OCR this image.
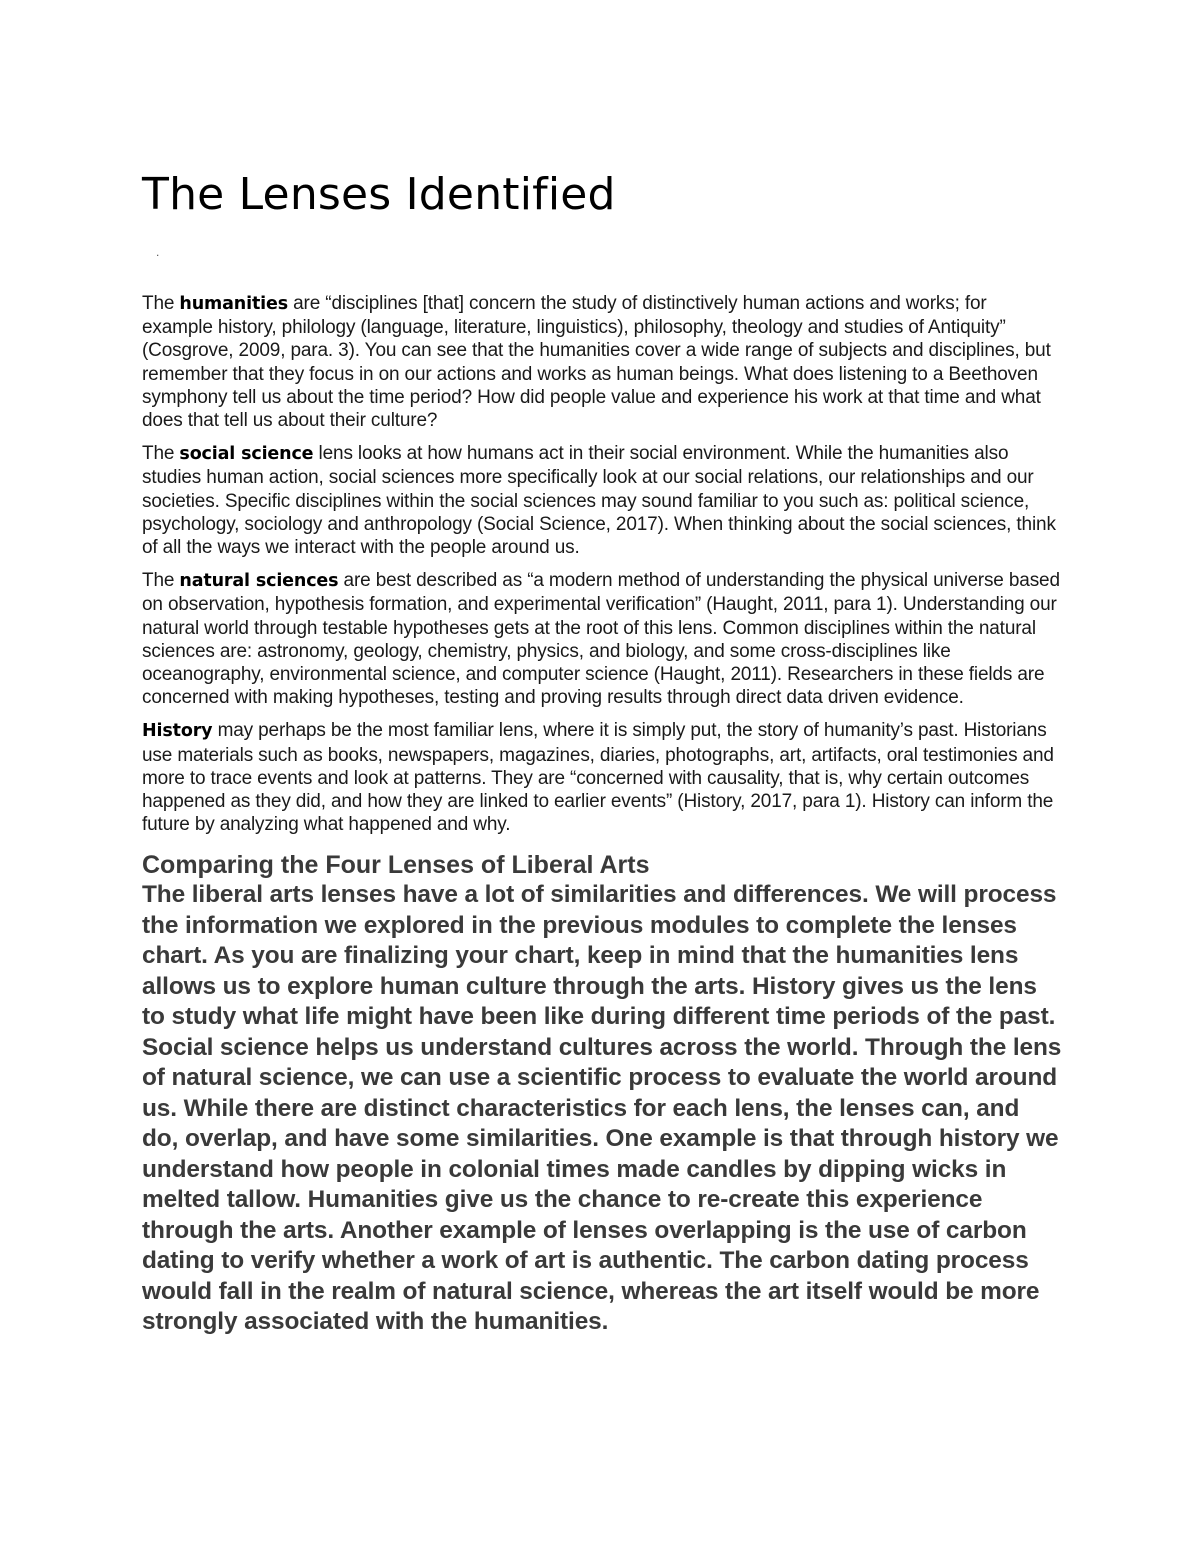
The Lenses Identified
.

The humanities are “disciplines [that] concern the study of distinctively human actions and works; for example history, philology (language, literature, linguistics), philosophy, theology and studies of Antiquity” (Cosgrove, 2009, para. 3). You can see that the humanities cover a wide range of subjects and disciplines, but remember that they focus in on our actions and works as human beings. What does listening to a Beethoven symphony tell us about the time period? How did people value and experience his work at that time and what does that tell us about their culture?

The social science lens looks at how humans act in their social environment. While the humanities also studies human action, social sciences more specifically look at our social relations, our relationships and our societies. Specific disciplines within the social sciences may sound familiar to you such as: political science, psychology, sociology and anthropology (Social Science, 2017). When thinking about the social sciences, think of all the ways we interact with the people around us.

The natural sciences are best described as “a modern method of understanding the physical universe based on observation, hypothesis formation, and experimental verification” (Haught, 2011, para 1). Understanding our natural world through testable hypotheses gets at the root of this lens. Common disciplines within the natural sciences are: astronomy, geology, chemistry, physics, and biology, and some cross-disciplines like oceanography, environmental science, and computer science (Haught, 2011). Researchers in these fields are concerned with making hypotheses, testing and proving results through direct data driven evidence.

History may perhaps be the most familiar lens, where it is simply put, the story of humanity’s past. Historians use materials such as books, newspapers, magazines, diaries, photographs, art, artifacts, oral testimonies and more to trace events and look at patterns. They are “concerned with causality, that is, why certain outcomes happened as they did, and how they are linked to earlier events” (History, 2017, para 1). History can inform the future by analyzing what happened and why.

Comparing the Four Lenses of Liberal Arts

The liberal arts lenses have a lot of similarities and differences. We will process the information we explored in the previous modules to complete the lenses chart. As you are finalizing your chart, keep in mind that the humanities lens allows us to explore human culture through the arts. History gives us the lens to study what life might have been like during different time periods of the past. Social science helps us understand cultures across the world. Through the lens of natural science, we can use a scientific process to evaluate the world around us. While there are distinct characteristics for each lens, the lenses can, and do, overlap, and have some similarities. One example is that through history we understand how people in colonial times made candles by dipping wicks in melted tallow. Humanities give us the chance to re-create this experience through the arts. Another example of lenses overlapping is the use of carbon dating to verify whether a work of art is authentic. The carbon dating process would fall in the realm of natural science, whereas the art itself would be more strongly associated with the humanities.
